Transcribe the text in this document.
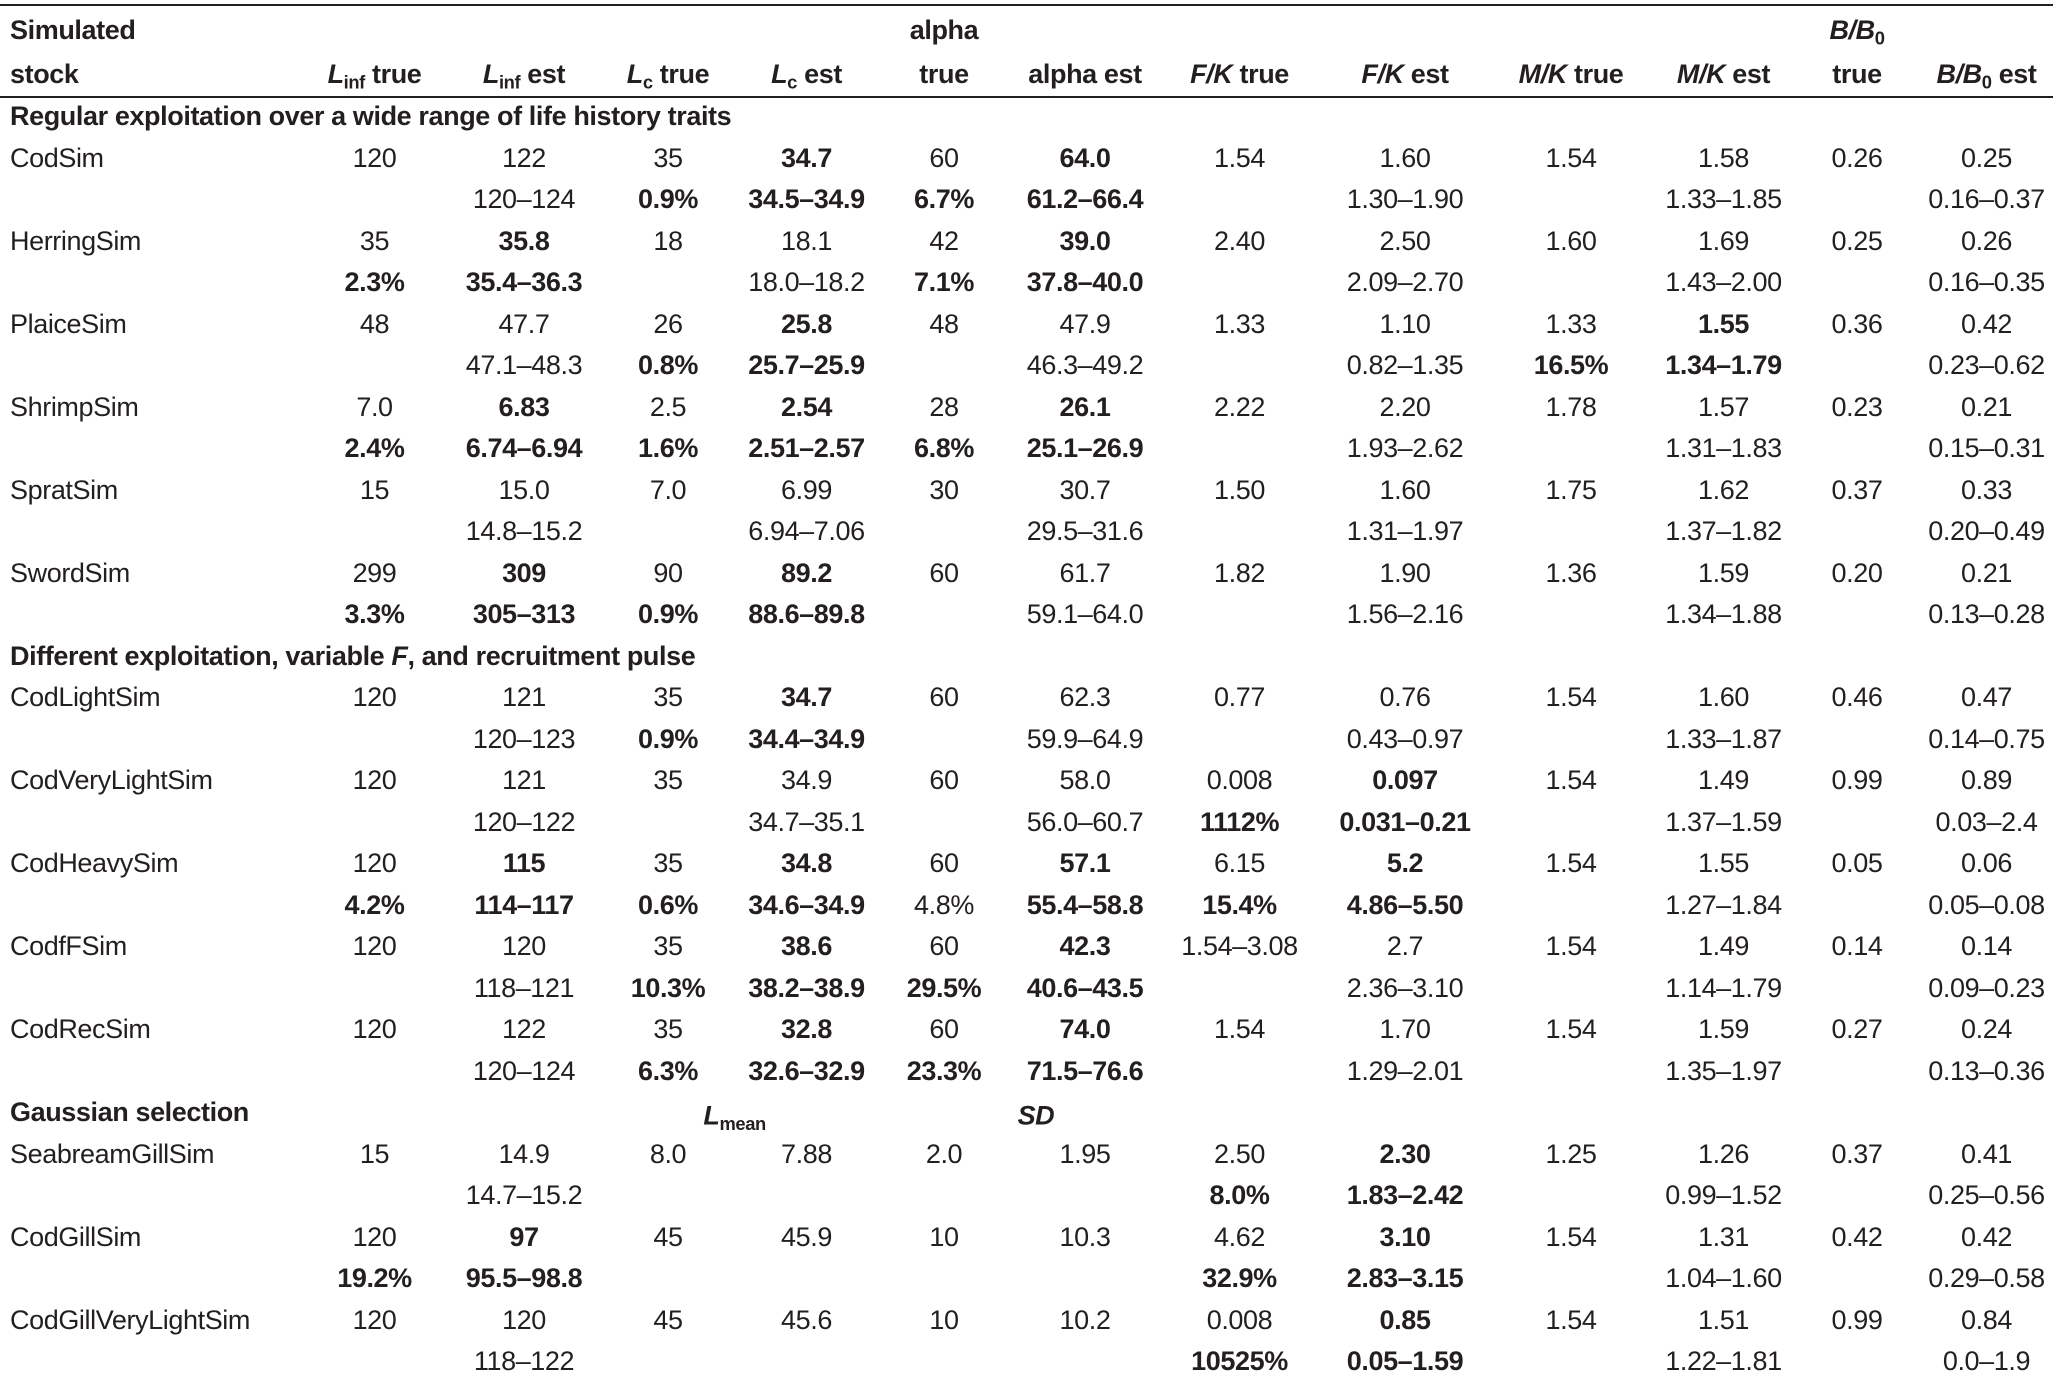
Simulated					alpha						$B/B_0$	
stock	$L_{inf}$ true	$L_{inf}$ est	$L_c$ true	$L_c$ est	true	alpha est	F/K true	F/K est	M/K true	M/K est	true	$B/B_0$ est
Regular exploitation over a wide range of life history traits												
CodSim	120	122	35	34.7	60	64.0	1.54	1.60	1.54	1.58	0.26	0.25
		120–124	0.9%	34.5–34.9	6.7%	61.2–66.4		1.30–1.90		1.33–1.85		0.16–0.37
HerringSim	35	35.8	18	18.1	42	39.0	2.40	2.50	1.60	1.69	0.25	0.26
	2.3%	35.4–36.3		18.0–18.2	7.1%	37.8–40.0		2.09–2.70		1.43–2.00		0.16–0.35
PlaiceSim	48	47.7	26	25.8	48	47.9	1.33	1.10	1.33	1.55	0.36	0.42
		47.1–48.3	0.8%	25.7–25.9		46.3–49.2		0.82–1.35	16.5%	1.34–1.79		0.23–0.62
ShrimpSim	7.0	6.83	2.5	2.54	28	26.1	2.22	2.20	1.78	1.57	0.23	0.21
	2.4%	6.74–6.94	1.6%	2.51–2.57	6.8%	25.1–26.9		1.93–2.62		1.31–1.83		0.15–0.31
SpratSim	15	15.0	7.0	6.99	30	30.7	1.50	1.60	1.75	1.62	0.37	0.33
		14.8–15.2		6.94–7.06		29.5–31.6		1.31–1.97		1.37–1.82		0.20–0.49
SwordSim	299	309	90	89.2	60	61.7	1.82	1.90	1.36	1.59	0.20	0.21
	3.3%	305–313	0.9%	88.6–89.8		59.1–64.0		1.56–2.16		1.34–1.88		0.13–0.28
Different exploitation, variable F, and recruitment pulse												
CodLightSim	120	121	35	34.7	60	62.3	0.77	0.76	1.54	1.60	0.46	0.47
		120–123	0.9%	34.4–34.9		59.9–64.9		0.43–0.97		1.33–1.87		0.14–0.75
CodVeryLightSim	120	121	35	34.9	60	58.0	0.008	0.097	1.54	1.49	0.99	0.89
		120–122		34.7–35.1		56.0–60.7	1112%	0.031–0.21		1.37–1.59		0.03–2.4
CodHeavySim	120	115	35	34.8	60	57.1	6.15	5.2	1.54	1.55	0.05	0.06
	4.2%	114–117	0.6%	34.6–34.9	4.8%	55.4–58.8	15.4%	4.86–5.50		1.27–1.84		0.05–0.08
CodfFSim	120	120	35	38.6	60	42.3	1.54–3.08	2.7	1.54	1.49	0.14	0.14
		118–121	10.3%	38.2–38.9	29.5%	40.6–43.5		2.36–3.10		1.14–1.79		0.09–0.23
CodRecSim	120	122	35	32.8	60	74.0	1.54	1.70	1.54	1.59	0.27	0.24
		120–124	6.3%	32.6–32.9	23.3%	71.5–76.6		1.29–2.01		1.35–1.97		0.13–0.36
Gaussian selection $L_{mean}$ SD												

SeabreamGillSim	15	14.9	8.0	7.88	2.0	1.95	2.50	2.30	1.25	1.26	0.37	0.41
		14.7–15.2					8.0%	1.83–2.42		0.99–1.52		0.25–0.56
CodGillSim	120	97	45	45.9	10	10.3	4.62	3.10	1.54	1.31	0.42	0.42
	19.2%	95.5–98.8					32.9%	2.83–3.15		1.04–1.60		0.29–0.58
CodGillVeryLightSim	120	120	45	45.6	10	10.2	0.008	0.85	1.54	1.51	0.99	0.84
		118–122					10525%	0.05–1.59		1.22–1.81		0.0–1.9
